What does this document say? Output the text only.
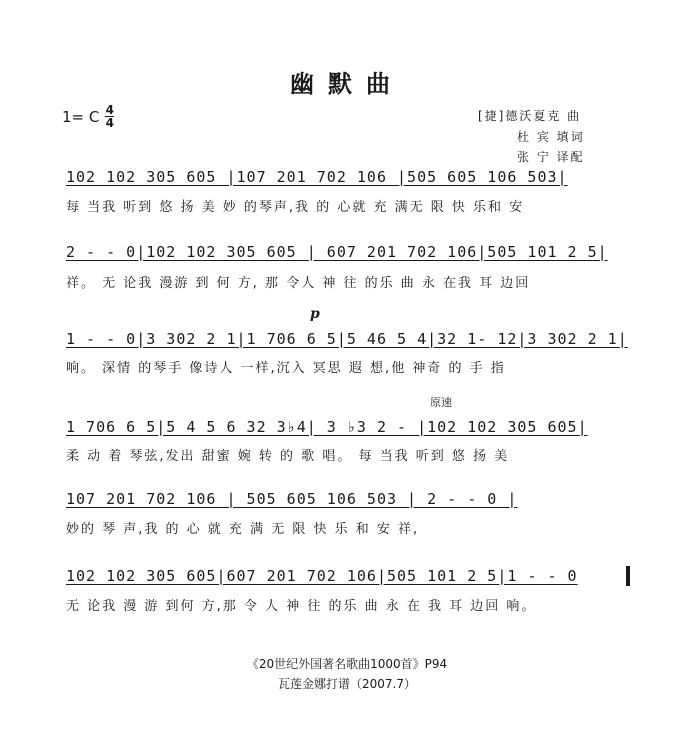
幽默曲
1= C 4
4	[捷]德沃夏克 曲
杜 宾 填词
张 宁 译配
102 102 305 605 |107 201 702 106 |505 605 106 503|
每 当我 听到 悠 扬 美 妙 的琴声,我 的 心就 充 满无 限 快 乐和 安
2 - - 0|102 102 305 605 | 607 201 702 106|505 101 2 5|
祥。 无 论我 漫游 到 何 方, 那 令人 神 往 的乐 曲 永 在我 耳 边回
p
1 - - 0|3 302 2 1|1 706 6 5|5 46 5 4|32 1- 12|3 302 2 1|
响。 深情 的琴手 像诗人 一样,沉入 冥思 遐 想,他 神奇 的 手 指
原速
1 706 6 5|5 4 5 6 32 3♭4| 3 ♭3 2 - |102 102 305 605|
柔 动 着 琴弦,发出 甜蜜 婉 转 的 歌 唱。 每 当我 听到 悠 扬 美
107 201 702 106 | 505 605 106 503 | 2 - - 0 |
妙的 琴 声,我 的 心 就 充 满 无 限 快 乐 和 安 祥,
102 102 305 605|607 201 702 106|505 101 2 5|1 - - 0
无 论我 漫 游 到何 方,那 令 人 神 往 的乐 曲 永 在 我 耳 边回 响。
《20世纪外国著名歌曲1000首》P94
瓦莲金娜打谱（2007.7）
